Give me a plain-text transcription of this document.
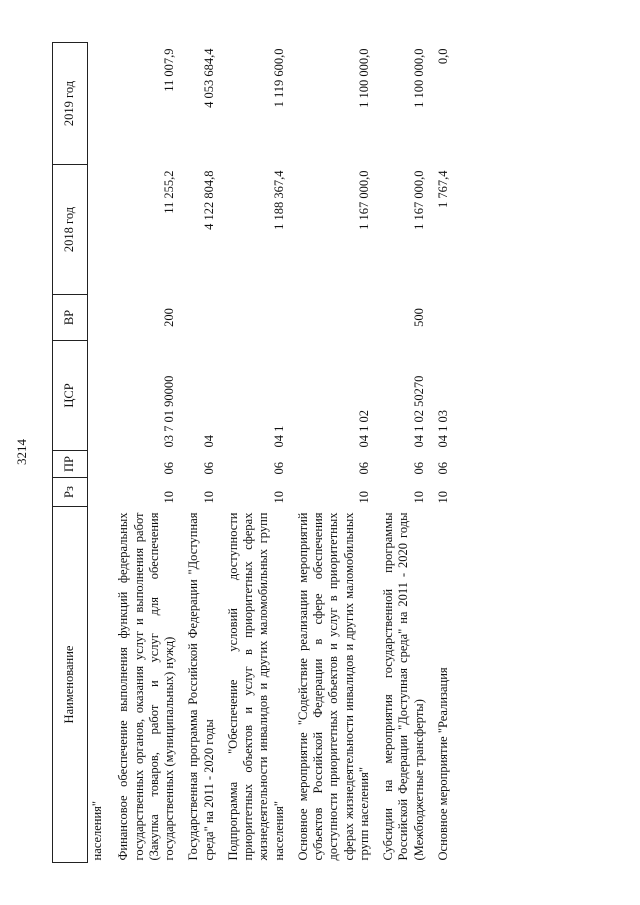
3214
Наименование	Рз	ПР	ЦСР	ВР	2018 год	2019 год
населения"						
Финансовое обеспечение выполнения функций федеральных государственных органов, оказания услуг и выполнения работ (Закупка товаров, работ и услуг для обеспечения государственных (муниципальных) нужд)	10	06	03 7 01 90000	200	11 255,2	11 007,9
Государственная программа Российской Федерации "Доступная среда" на 2011 - 2020 годы	10	06	04		4 122 804,8	4 053 684,4
Подпрограмма "Обеспечение условий доступности приоритетных объектов и услуг в приоритетных сферах жизнедеятельности инвалидов и других маломобильных групп населения"	10	06	04 1		1 188 367,4	1 119 600,0
Основное мероприятие "Содействие реализации мероприятий субъектов Российской Федерации в сфере обеспечения доступности приоритетных объектов и услуг в приоритетных сферах жизнедеятельности инвалидов и других маломобильных групп населения"	10	06	04 1 02		1 167 000,0	1 100 000,0
Субсидии на мероприятия государственной программы Российской Федерации "Доступная среда" на 2011 - 2020 годы (Межбюджетные трансферты)	10	06	04 1 02 50270	500	1 167 000,0	1 100 000,0
Основное мероприятие "Реализация	10	06	04 1 03		1 767,4	0,0
